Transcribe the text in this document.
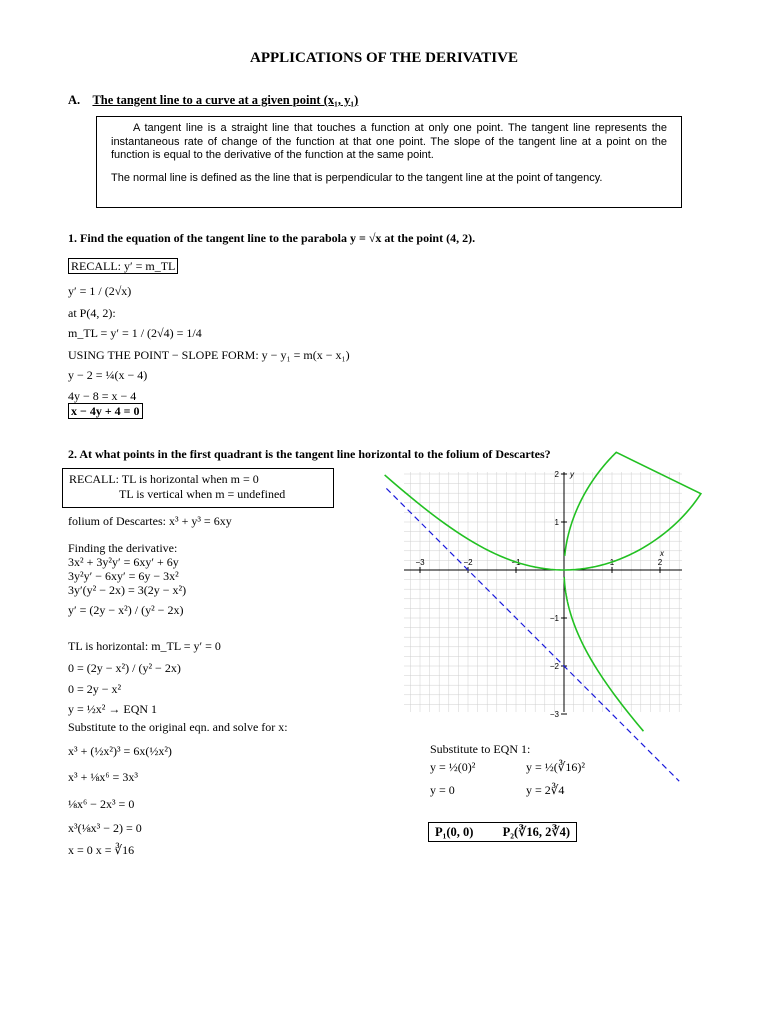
APPLICATIONS OF THE DERIVATIVE
A. The tangent line to a curve at a given point (x₁, y₁)

A tangent line is a straight line that touches a function at only one point. The tangent line represents the instantaneous rate of change of the function at that one point. The slope of the tangent line at a point on the function is equal to the derivative of the function at the same point.

The normal line is defined as the line that is perpendicular to the tangent line at the point of tangency.

1. Find the equation of the tangent line to the parabola y = √x at the point (4, 2).
RECALL: y′ = m_TL
y′ = 1 / (2√x)
at P(4, 2):
m_TL = y′ = 1 / (2√4) = 1/4
USING THE POINT − SLOPE FORM: y − y₁ = m(x − x₁)
y − 2 = ¼(x − 4)
4y − 8 = x − 4
x − 4y + 4 = 0
2. At what points in the first quadrant is the tangent line horizontal to the folium of Descartes?
RECALL: TL is horizontal when m = 0
TL is vertical when m = undefined
folium of Descartes: x³ + y³ = 6xy
Finding the derivative:
3x² + 3y²y′ = 6xy′ + 6y
3y²y′ − 6xy′ = 6y − 3x²
3y′(y² − 2x) = 3(2y − x²)
y′ = (2y − x²) / (y² − 2x)
TL is horizontal: m_TL = y′ = 0
0 = (2y − x²) / (y² − 2x)
0 = 2y − x²
y = ½x² → EQN 1
Substitute to the original eqn. and solve for x:
x³ + (½x²)³ = 6x(½x²)
x³ + ⅛x⁶ = 3x³
⅛x⁶ − 2x³ = 0
x³(⅛x³ − 2) = 0
x = 0 x = ∛16
−3	−2	−1	1	2
2
1
−1
−2
−3
x
y
Substitute to EQN 1:
y = ½(0)²
y = 0
y = ½(∛16)²
y = 2∛4
P₁(0, 0) P₂(∛16, 2∛4)
